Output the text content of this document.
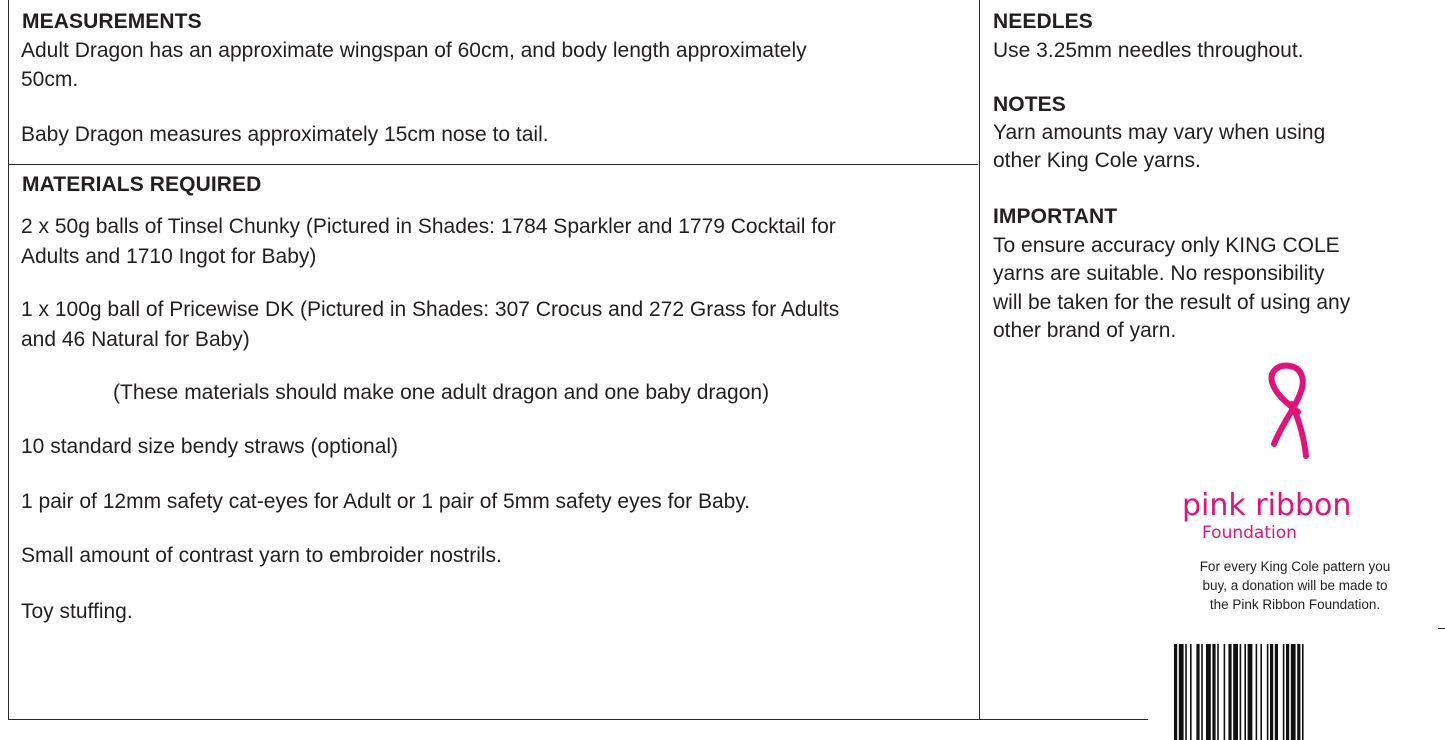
MEASUREMENTS
Adult Dragon has an approximate wingspan of 60cm, and body length approximately
50cm.
Baby Dragon measures approximately 15cm nose to tail.
MATERIALS REQUIRED
2 x 50g balls of Tinsel Chunky (Pictured in Shades: 1784 Sparkler and 1779 Cocktail for
Adults and 1710 Ingot for Baby)
1 x 100g ball of Pricewise DK (Pictured in Shades: 307 Crocus and 272 Grass for Adults
and 46 Natural for Baby)
(These materials should make one adult dragon and one baby dragon)
10 standard size bendy straws (optional)
1 pair of 12mm safety cat-eyes for Adult or 1 pair of 5mm safety eyes for Baby.
Small amount of contrast yarn to embroider nostrils.
Toy stuffing.
NEEDLES
Use 3.25mm needles throughout.
NOTES
Yarn amounts may vary when using
other King Cole yarns.
IMPORTANT
To ensure accuracy only KING COLE
yarns are suitable. No responsibility
will be taken for the result of using any
other brand of yarn.
pink ribbon
Foundation
For every King Cole pattern you
buy, a donation will be made to
the Pink Ribbon Foundation.
